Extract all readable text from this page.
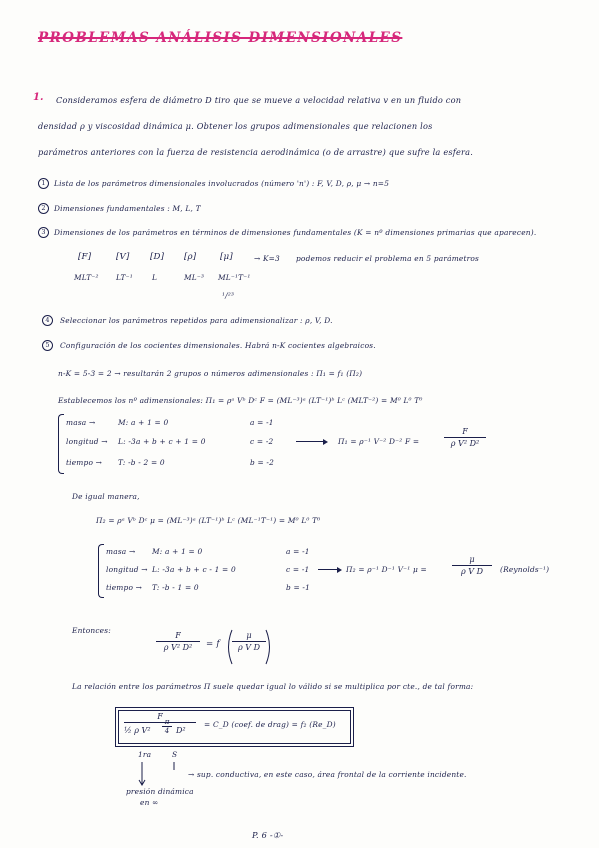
PROBLEMAS ANÁLISIS DIMENSIONALES
1. Consideramos esfera de diámetro D tiro que se mueve a velocidad relativa v en un fluido con
densidad ρ y viscosidad dinámica μ. Obtener los grupos adimensionales que relacionen los
parámetros anteriores con la fuerza de resistencia aerodinámica (o de arrastre) que sufre la esfera.
1	Lista de los parámetros dimensionales involucrados (número 'n') : F, V, D, ρ, μ → n=5
2	Dimensiones fundamentales : M, L, T
3	Dimensiones de los parámetros en términos de dimensiones fundamentales (K = nº dimensiones primarias que aparecen).
[F]	[V] [D] [ρ]	[μ]	→ K=3 podemos reducir el problema en 5 parámetros
MLT⁻² LT⁻¹	L	ML⁻³ ML⁻¹T⁻¹
¹/²³
4	Seleccionar los parámetros repetidos para adimensionalizar : ρ, V, D.
5	Configuración de los cocientes dimensionales. Habrá n-K cocientes algebraicos.
n-K = 5-3 = 2 → resultarán 2 grupos o números adimensionales : Π₁ = f₁ (Π₂)
Establecemos los nº adimensionales: Π₁ = ρᵃ Vᵇ Dᶜ F = (ML⁻³)ᵃ (LT⁻¹)ᵇ Lᶜ (MLT⁻²) = M⁰ L⁰ T⁰
masa →	M: a + 1 = 0	a = -1
longitud → L: -3a + b + c + 1 = 0	c = -2
tiempo → T: -b - 2 = 0	b = -2
Π₁ = ρ⁻¹ V⁻² D⁻² F =
F
ρ V² D²
De igual manera,
Π₂ = ρᵃ Vᵇ Dᶜ μ = (ML⁻³)ᵃ (LT⁻¹)ᵇ Lᶜ (ML⁻¹T⁻¹) = M⁰ L⁰ T⁰
masa → M: a + 1 = 0	a = -1
longitud → L: -3a + b + c - 1 = 0	c = -1
tiempo → T: -b - 1 = 0	b = -1
Π₂ = ρ⁻¹ D⁻¹ V⁻¹ μ =
μ
ρ V D	(Reynolds⁻¹)
Entonces:
F
ρ V² D²	= f
μ
ρ V D
La relación entre los parámetros Π suele quedar igual lo válido si se multiplica por cte., de tal forma:
F
½ ρ V²
π
4 D²
= C_D (coef. de drag) = f₂ (Re_D)
1ra	S
→ sup. conductiva, en este caso, área frontal de la corriente incidente.
presión dinámica
en ∞
P. 6 -①-
